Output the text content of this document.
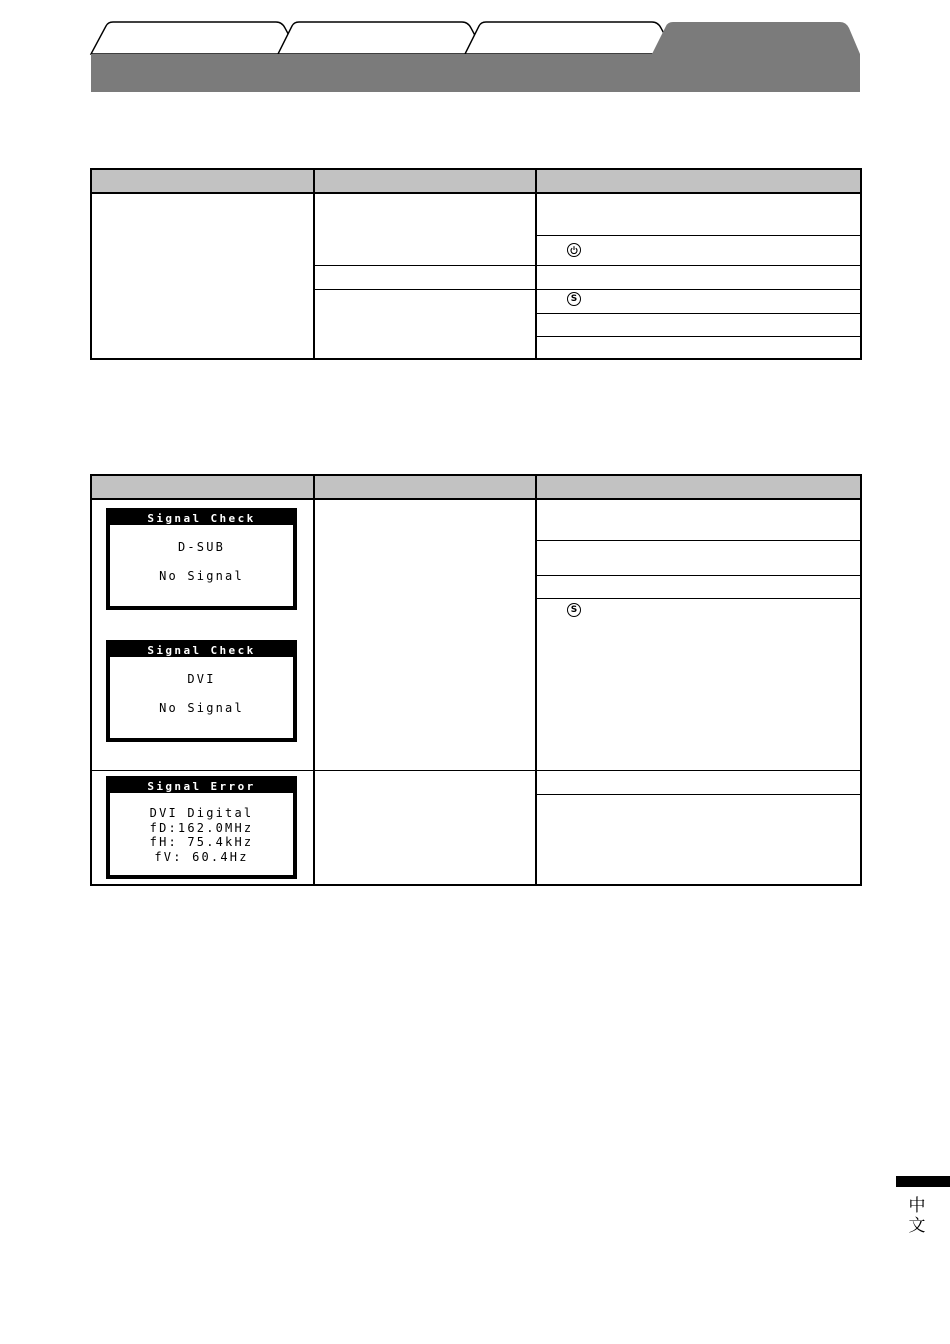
S
S
Signal Check
D-SUB
No Signal
Signal Check
DVI
No Signal
Signal Error
DVI Digital
fD:162.0MHz
fH: 75.4kHz
fV: 60.4Hz
中文
